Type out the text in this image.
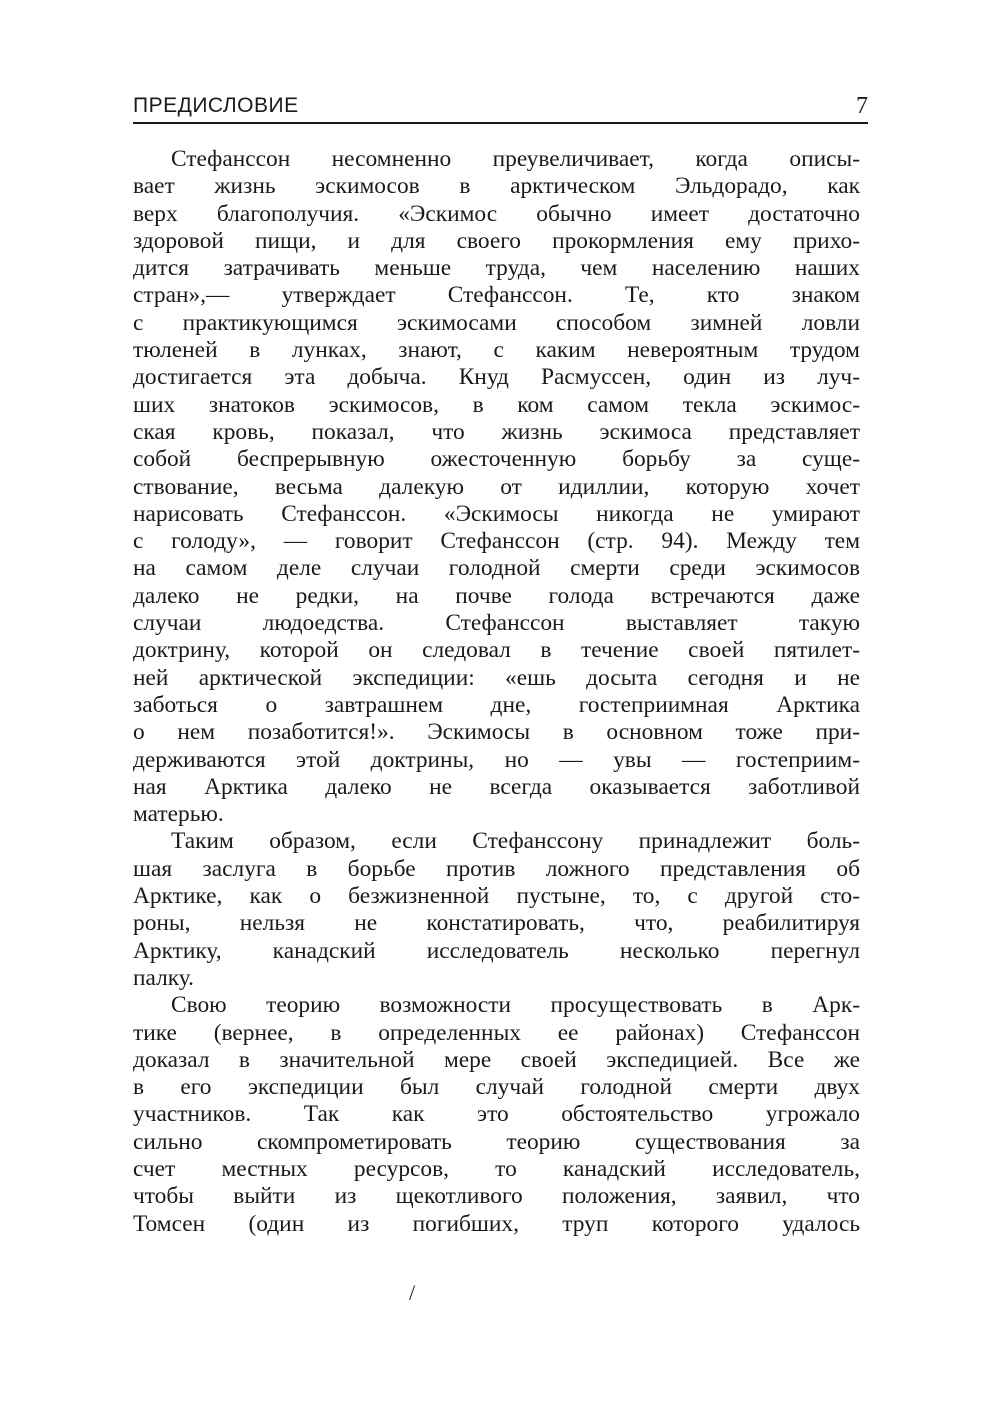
ПРЕДИСЛОВИЕ	7
Стефанссон несомненно преувеличивает, когда описы-
вает жизнь эскимосов в арктическом Эльдорадо, как
верх благополучия. «Эскимос обычно имеет достаточно
здоровой пищи, и для своего прокормления ему прихо-
дится затрачивать меньше труда, чем населению наших
стран»,— утверждает Стефанссон. Те, кто знаком
с практикующимся эскимосами способом зимней ловли
тюленей в лунках, знают, с каким невероятным трудом
достигается эта добыча. Кнуд Расмуссен, один из луч-
ших знатоков эскимосов, в ком самом текла эскимос-
ская кровь, показал, что жизнь эскимоса представляет
собой беспрерывную ожесточенную борьбу за суще-
ствование, весьма далекую от идиллии, которую хочет
нарисовать Стефанссон. «Эскимосы никогда не умирают
с голоду», — говорит Стефанссон (стр. 94). Между тем
на самом деле случаи голодной смерти среди эскимосов
далеко не редки, на почве голода встречаются даже
случаи людоедства. Стефанссон выставляет такую
доктрину, которой он следовал в течение своей пятилет-
ней арктической экспедиции: «ешь досыта сегодня и не
заботься о завтрашнем дне, гостеприимная Арктика
о нем позаботится!». Эскимосы в основном тоже при-
держиваются этой доктрины, но — увы — гостеприим-
ная Арктика далеко не всегда оказывается заботливой
матерью.
Таким образом, если Стефанссону принадлежит боль-
шая заслуга в борьбе против ложного представления об
Арктике, как о безжизненной пустыне, то, с другой сто-
роны, нельзя не констатировать, что, реабилитируя
Арктику, канадский исследователь несколько перегнул
палку.
Свою теорию возможности просуществовать в Арк-
тике (вернее, в определенных ее районах) Стефанссон
доказал в значительной мере своей экспедицией. Все же
в его экспедиции был случай голодной смерти двух
участников. Так как это обстоятельство угрожало
сильно скомпрометировать теорию существования за
счет местных ресурсов, то канадский исследователь,
чтобы выйти из щекотливого положения, заявил, что
Томсен (один из погибших, труп которого удалось
/
